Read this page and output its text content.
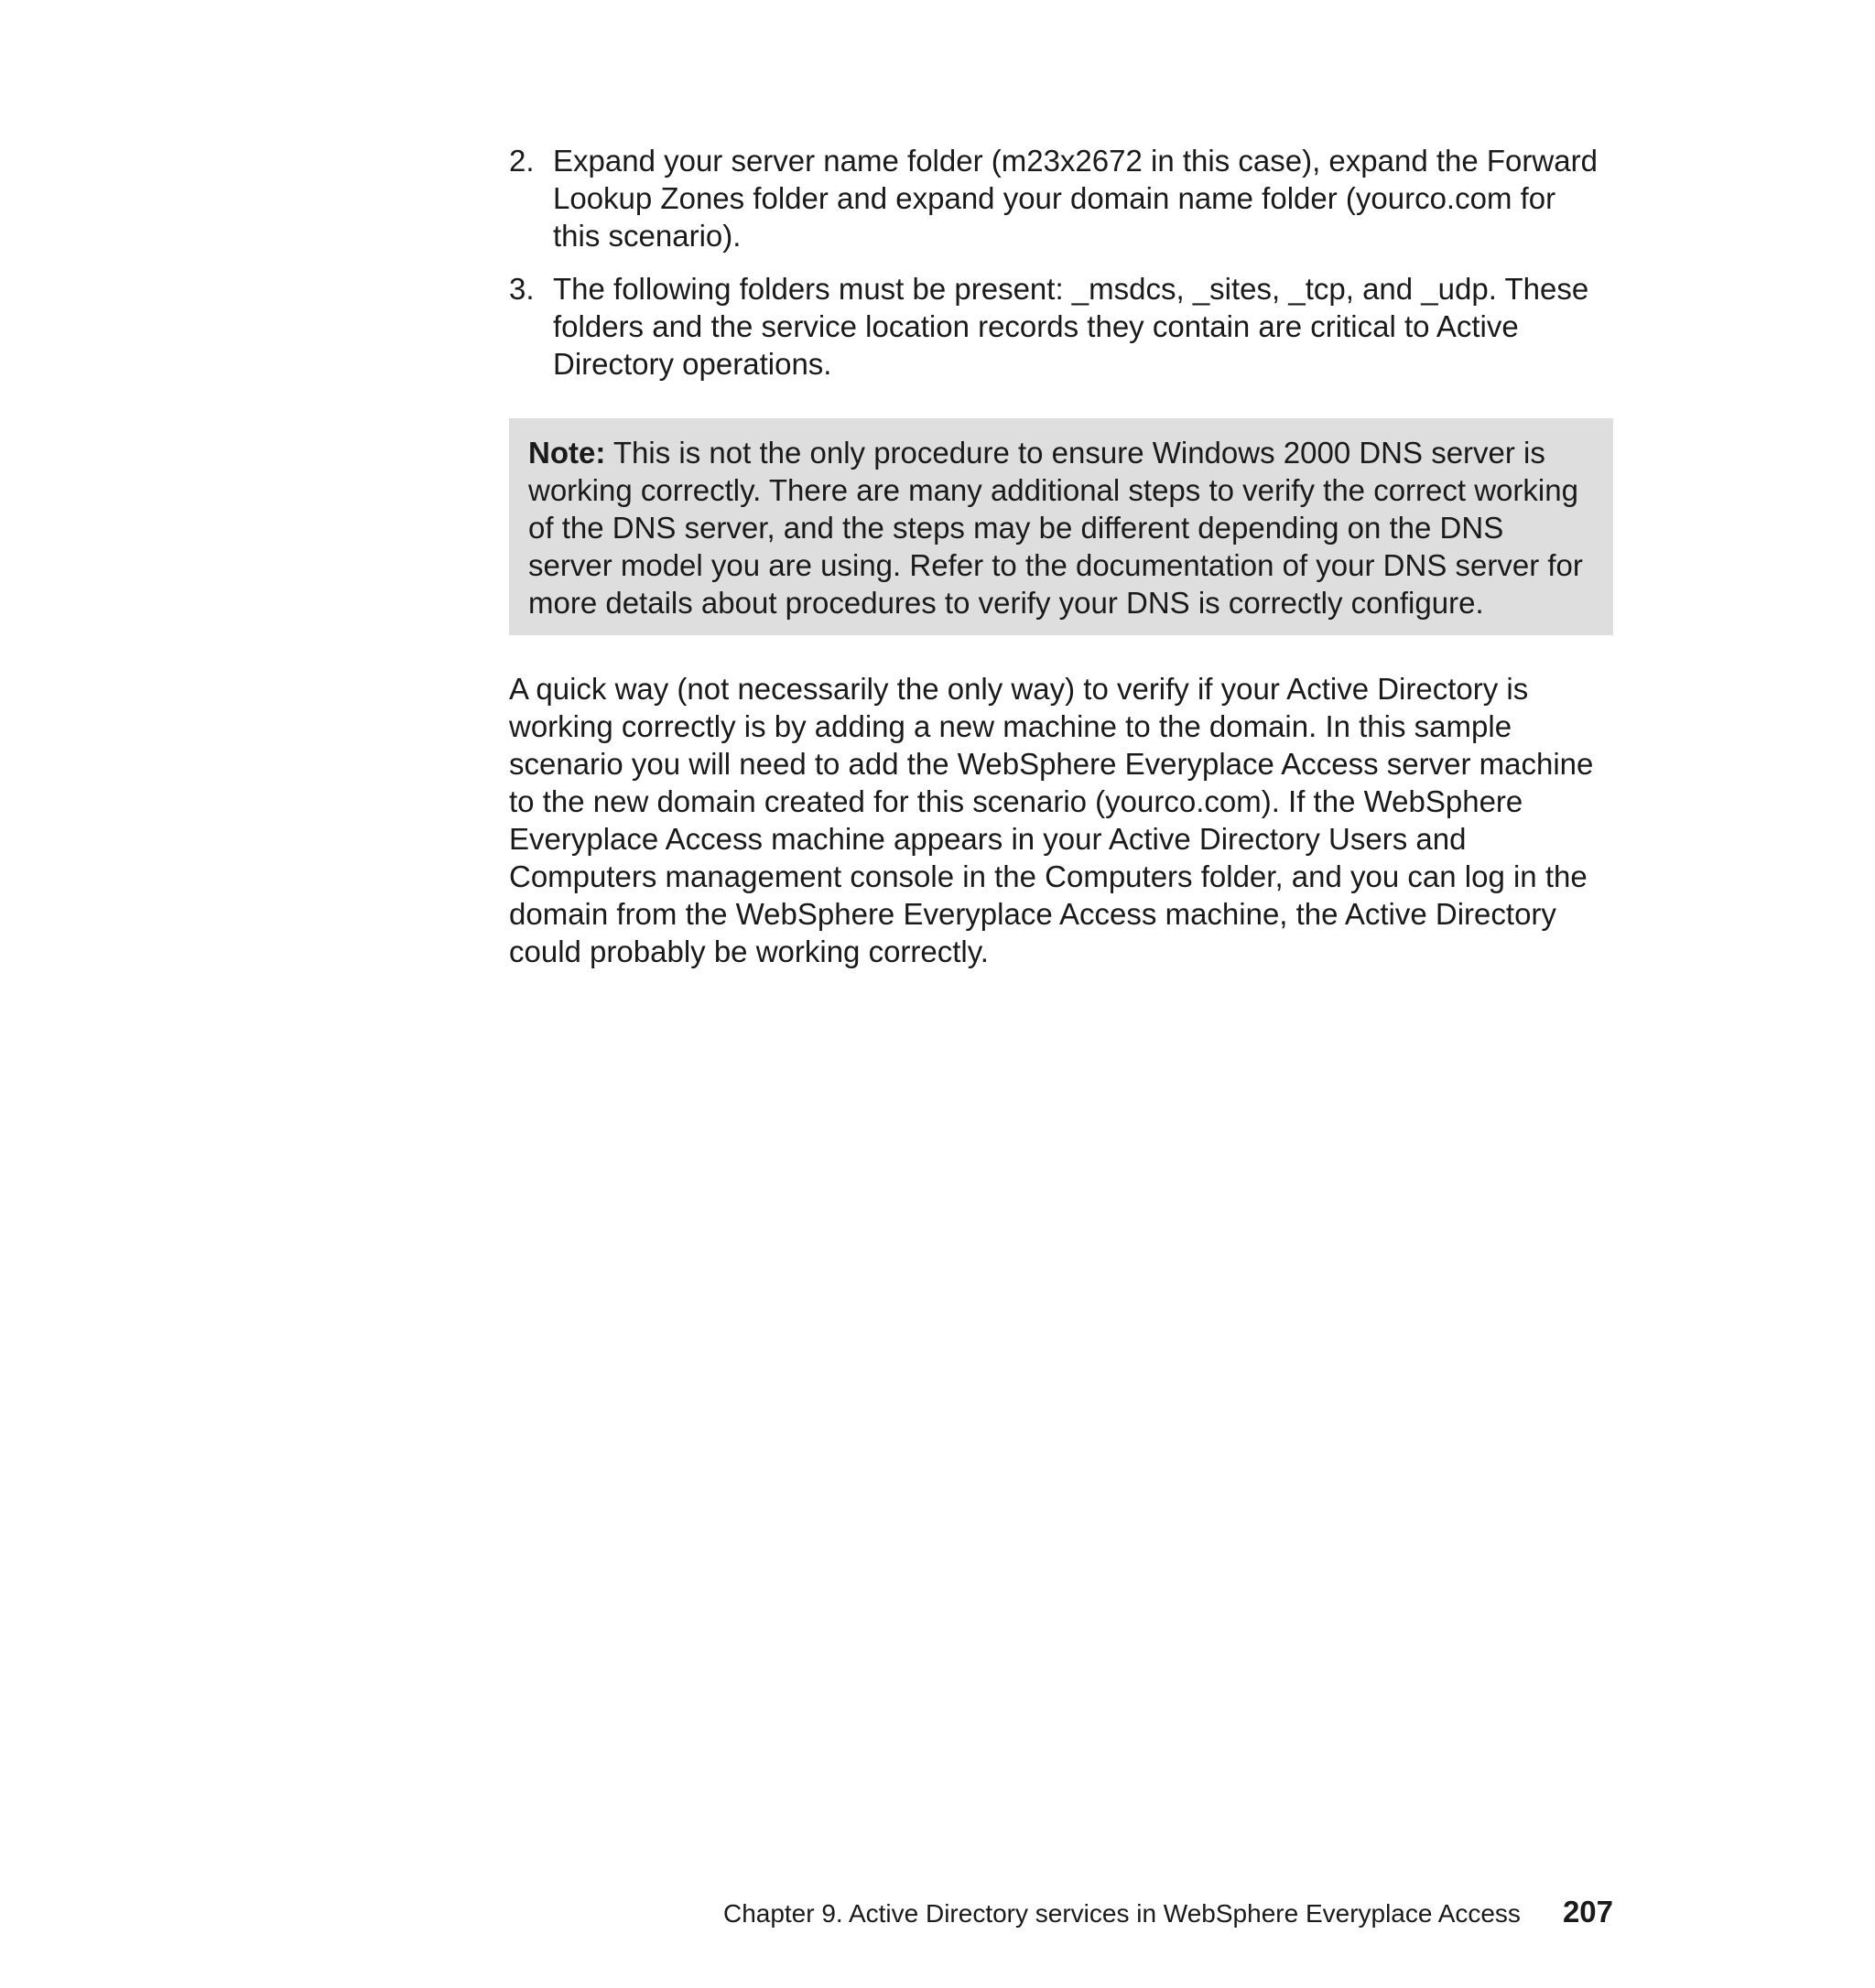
2. Expand your server name folder (m23x2672 in this case), expand the Forward Lookup Zones folder and expand your domain name folder (yourco.com for this scenario).
3. The following folders must be present: _msdcs, _sites, _tcp, and _udp. These folders and the service location records they contain are critical to Active Directory operations.
Note: This is not the only procedure to ensure Windows 2000 DNS server is working correctly. There are many additional steps to verify the correct working of the DNS server, and the steps may be different depending on the DNS server model you are using. Refer to the documentation of your DNS server for more details about procedures to verify your DNS is correctly configure.

A quick way (not necessarily the only way) to verify if your Active Directory is working correctly is by adding a new machine to the domain. In this sample scenario you will need to add the WebSphere Everyplace Access server machine to the new domain created for this scenario (yourco.com). If the WebSphere Everyplace Access machine appears in your Active Directory Users and Computers management console in the Computers folder, and you can log in the domain from the WebSphere Everyplace Access machine, the Active Directory could probably be working correctly.

Chapter 9. Active Directory services in WebSphere Everyplace Access 207
